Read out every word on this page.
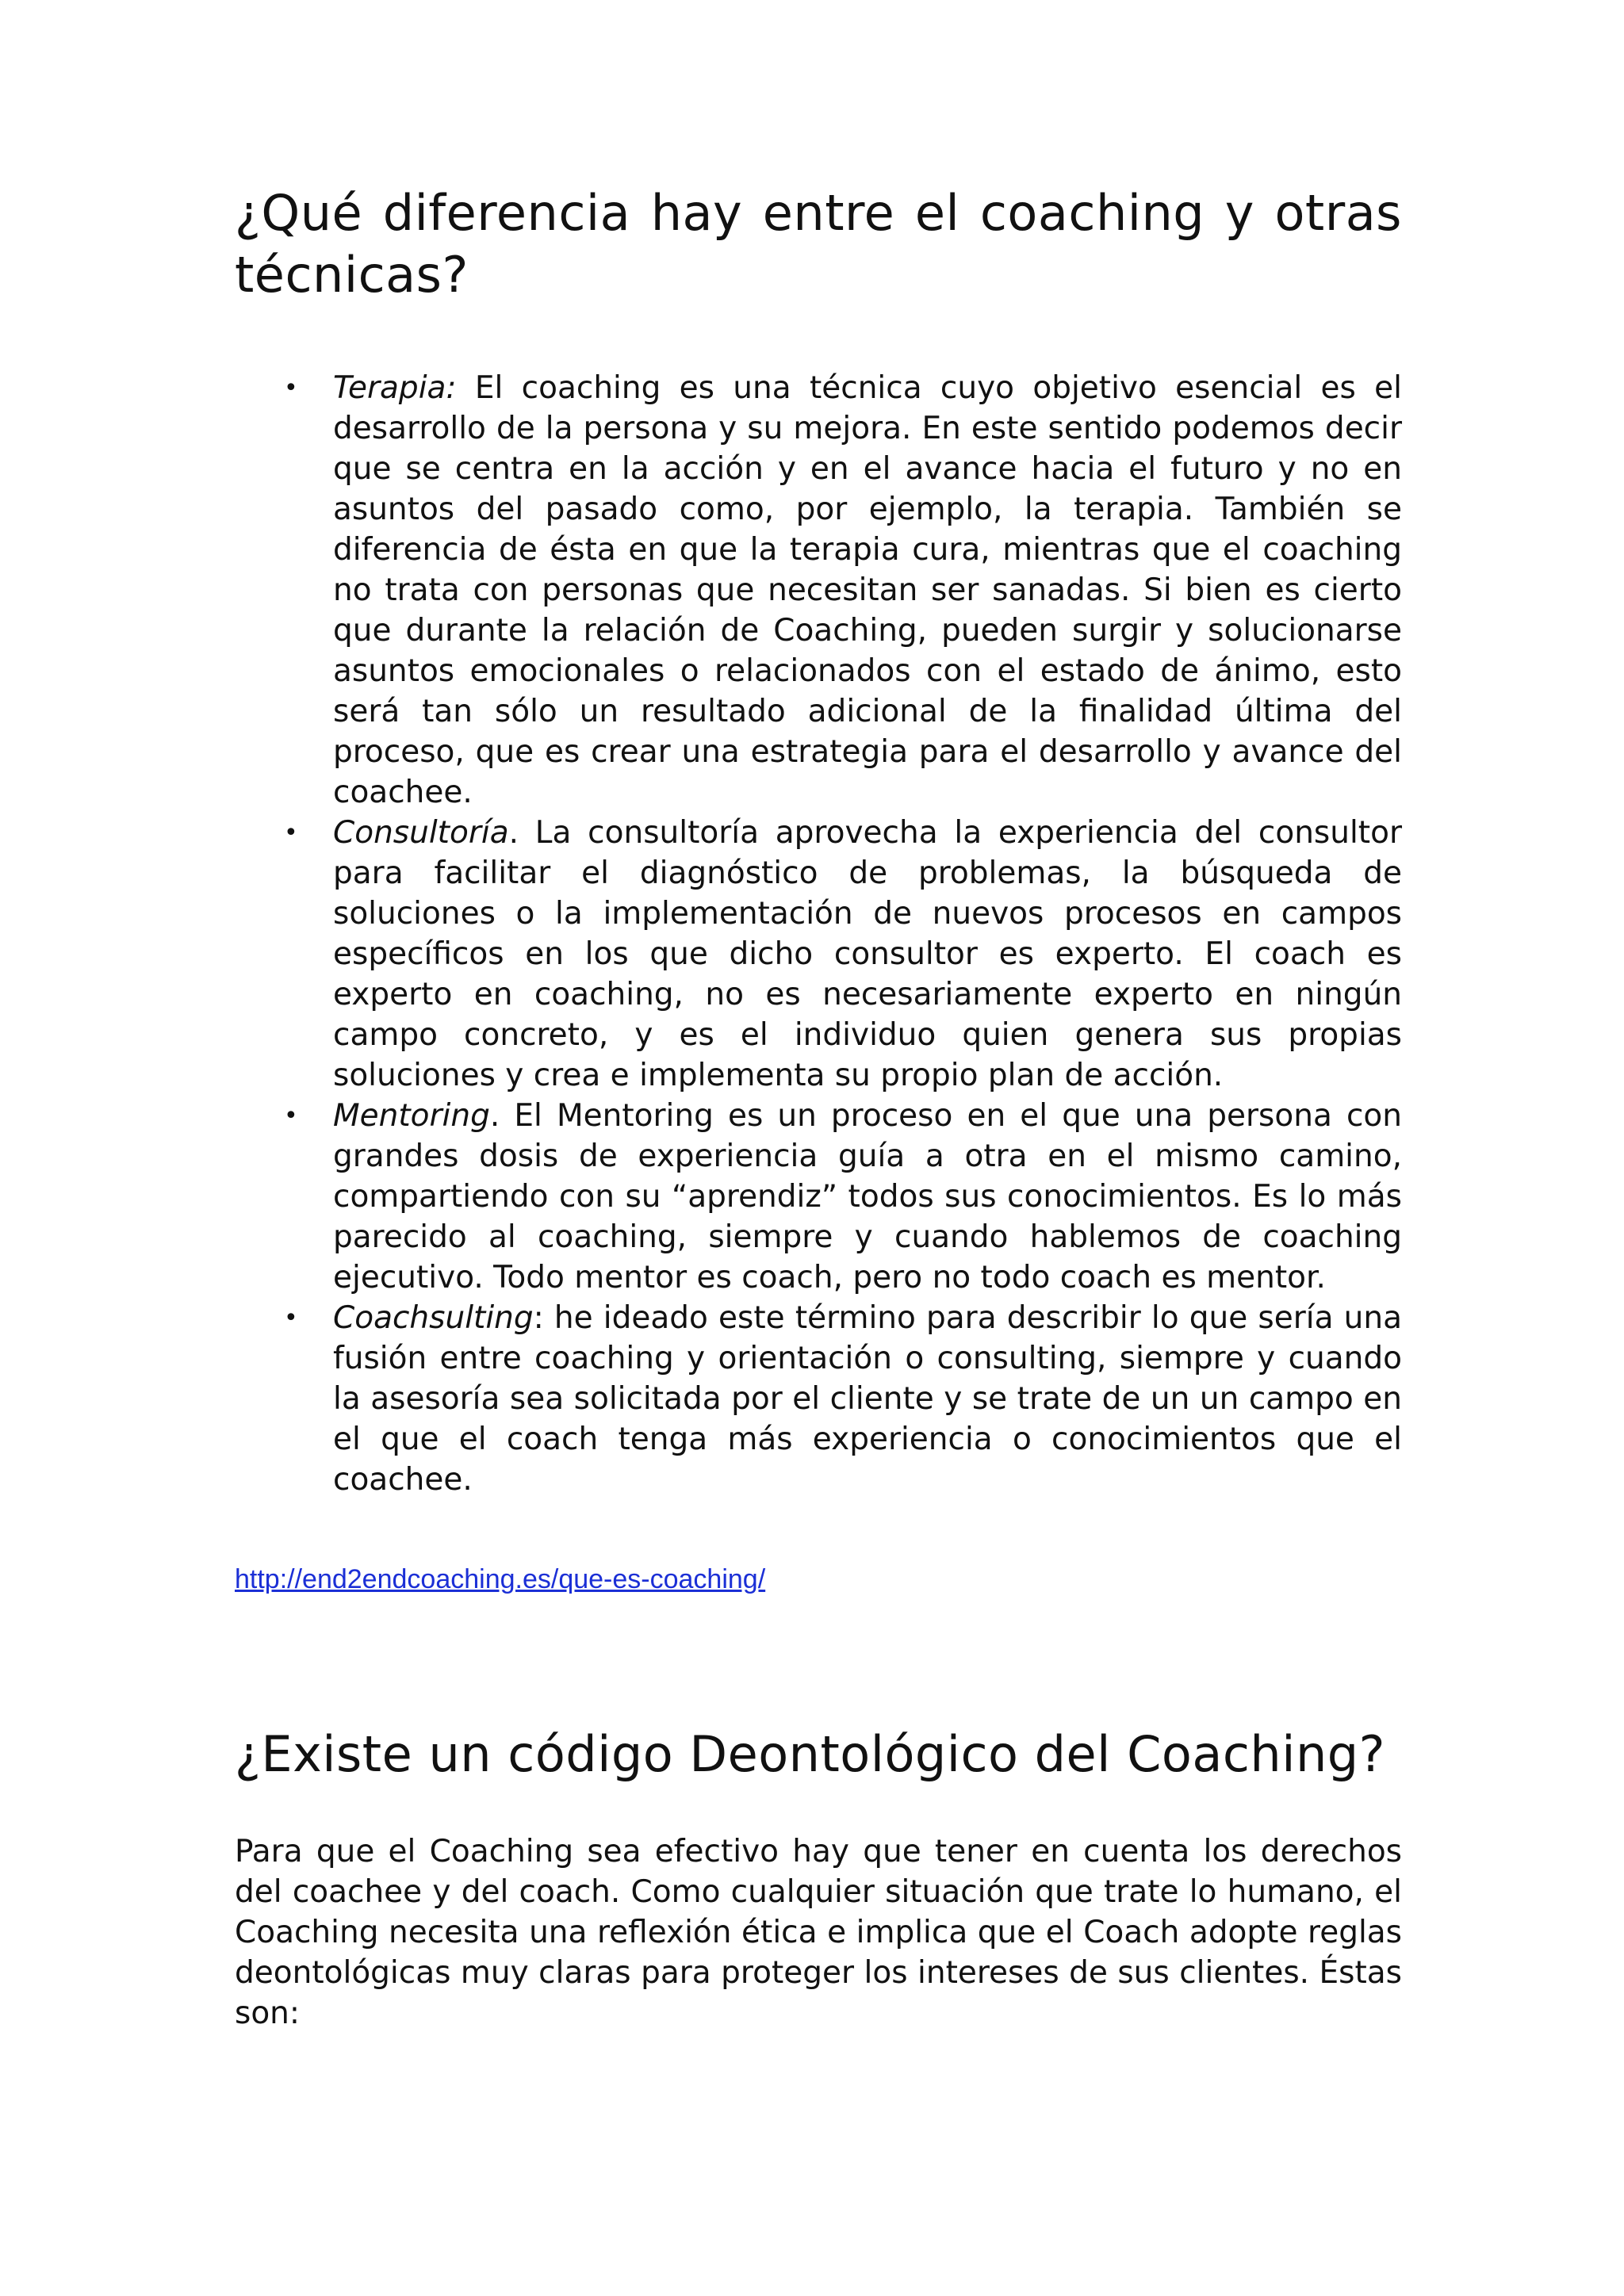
¿Qué diferencia hay entre el coaching y otras técnicas?
• Terapia: El coaching es una técnica cuyo objetivo esencial es el desarrollo de la persona y su mejora. En este sentido podemos decir que se centra en la acción y en el avance hacia el futuro y no en asuntos del pasado como, por ejemplo, la terapia. También se diferencia de ésta en que la terapia cura, mientras que el coaching no trata con personas que necesitan ser sanadas. Si bien es cierto que durante la relación de Coaching, pueden surgir y solucionarse asuntos emocionales o relacionados con el estado de ánimo, esto será tan sólo un resultado adicional de la finalidad última del proceso, que es crear una estrategia para el desarrollo y avance del coachee.
• Consultoría. La consultoría aprovecha la experiencia del consultor para facilitar el diagnóstico de problemas, la búsqueda de soluciones o la implementación de nuevos procesos en campos específicos en los que dicho consultor es experto. El coach es experto en coaching, no es necesariamente experto en ningún campo concreto, y es el individuo quien genera sus propias soluciones y crea e implementa su propio plan de acción.
• Mentoring. El Mentoring es un proceso en el que una persona con grandes dosis de experiencia guía a otra en el mismo camino, compartiendo con su “aprendiz” todos sus conocimientos. Es lo más parecido al coaching, siempre y cuando hablemos de coaching ejecutivo. Todo mentor es coach, pero no todo coach es mentor.
• Coachsulting: he ideado este término para describir lo que sería una fusión entre coaching y orientación o consulting, siempre y cuando la asesoría sea solicitada por el cliente y se trate de un un campo en el que el coach tenga más experiencia o conocimientos que el coachee.
http://end2endcoaching.es/que-es-coaching/
¿Existe un código Deontológico del Coaching?

Para que el Coaching sea efectivo hay que tener en cuenta los derechos del coachee y del coach. Como cualquier situación que trate lo humano, el Coaching necesita una reflexión ética e implica que el Coach adopte reglas deontológicas muy claras para proteger los intereses de sus clientes. Éstas son:
